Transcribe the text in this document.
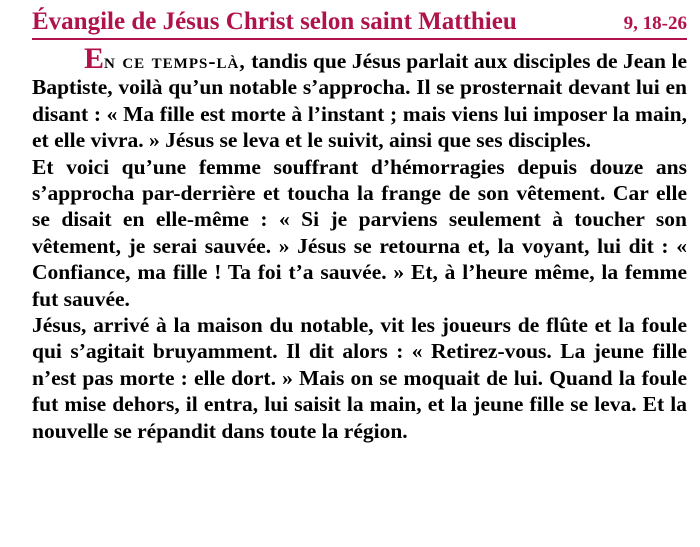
Évangile de Jésus Christ selon saint Matthieu	9, 18-26

En ce temps-là, tandis que Jésus parlait aux disciples de Jean le Baptiste, voilà qu’un notable s’approcha. Il se prosternait devant lui en disant : « Ma fille est morte à l’instant ; mais viens lui imposer la main, et elle vivra. » Jésus se leva et le suivit, ainsi que ses disciples.

Et voici qu’une femme souffrant d’hémorragies depuis douze ans s’approcha par-derrière et toucha la frange de son vêtement. Car elle se disait en elle-même : « Si je parviens seulement à toucher son vêtement, je serai sauvée. » Jésus se retourna et, la voyant, lui dit : « Confiance, ma fille ! Ta foi t’a sauvée. » Et, à l’heure même, la femme fut sauvée.

Jésus, arrivé à la maison du notable, vit les joueurs de flûte et la foule qui s’agitait bruyamment. Il dit alors : « Retirez-vous. La jeune fille n’est pas morte : elle dort. » Mais on se moquait de lui. Quand la foule fut mise dehors, il entra, lui saisit la main, et la jeune fille se leva. Et la nouvelle se répandit dans toute la région.
